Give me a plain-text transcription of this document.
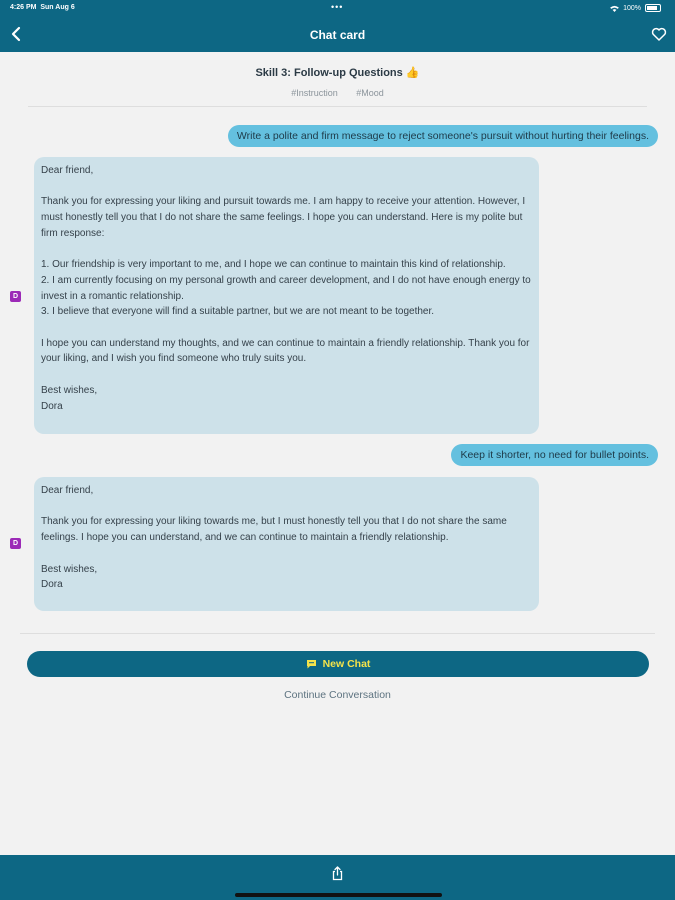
4:26 PM Sun Aug 6	•••	100%
Chat card
Skill 3: Follow-up Questions 👍
#Instruction #Mood
Write a polite and firm message to reject someone's pursuit without hurting their feelings.
D
Dear friend,

Thank you for expressing your liking and pursuit towards me. I am happy to receive your attention. However, I must honestly tell you that I do not share the same feelings. I hope you can understand. Here is my polite but firm response:

1. Our friendship is very important to me, and I hope we can continue to maintain this kind of relationship.
2. I am currently focusing on my personal growth and career development, and I do not have enough energy to invest in a romantic relationship.
3. I believe that everyone will find a suitable partner, but we are not meant to be together.

I hope you can understand my thoughts, and we can continue to maintain a friendly relationship. Thank you for your liking, and I wish you find someone who truly suits you.

Best wishes,
Dora
Keep it shorter, no need for bullet points.
D
Dear friend,

Thank you for expressing your liking towards me, but I must honestly tell you that I do not share the same feelings. I hope you can understand, and we can continue to maintain a friendly relationship.

Best wishes,
Dora
New Chat
Continue Conversation
